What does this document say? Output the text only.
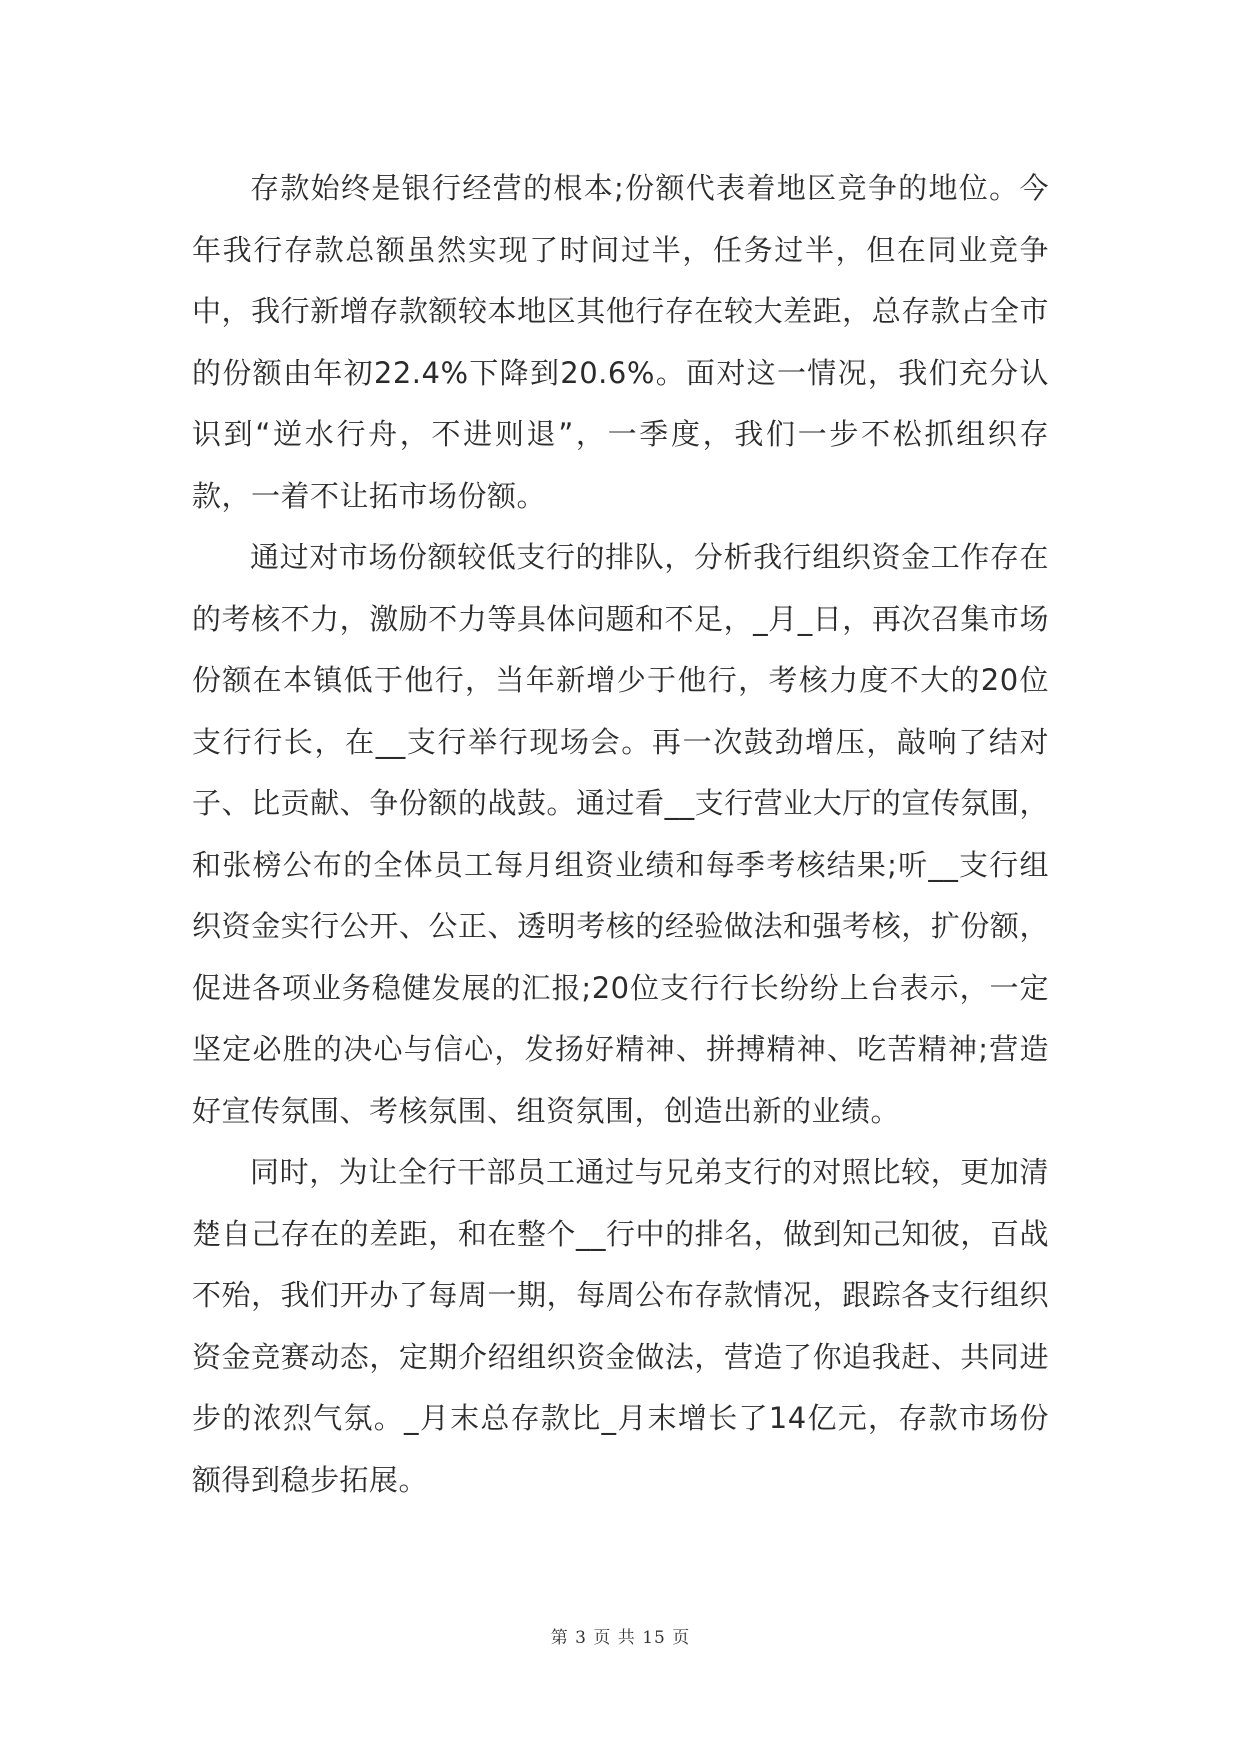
存款始终是银行经营的根本;份额代表着地区竞争的地位。今年我行存款总额虽然实现了时间过半，任务过半，但在同业竞争中，我行新增存款额较本地区其他行存在较大差距，总存款占全市的份额由年初22.4%下降到20.6%。面对这一情况，我们充分认识到“逆水行舟，不进则退”，一季度，我们一步不松抓组织存款，一着不让拓市场份额。

通过对市场份额较低支行的排队，分析我行组织资金工作存在的考核不力，激励不力等具体问题和不足，_月_日，再次召集市场份额在本镇低于他行，当年新增少于他行，考核力度不大的20位支行行长，在__支行举行现场会。再一次鼓劲增压，敲响了结对子、比贡献、争份额的战鼓。通过看__支行营业大厅的宣传氛围，和张榜公布的全体员工每月组资业绩和每季考核结果;听__支行组织资金实行公开、公正、透明考核的经验做法和强考核，扩份额，促进各项业务稳健发展的汇报;20位支行行长纷纷上台表示，一定坚定必胜的决心与信心，发扬好精神、拼搏精神、吃苦精神;营造好宣传氛围、考核氛围、组资氛围，创造出新的业绩。

同时，为让全行干部员工通过与兄弟支行的对照比较，更加清楚自己存在的差距，和在整个__行中的排名，做到知己知彼，百战不殆，我们开办了每周一期，每周公布存款情况，跟踪各支行组织资金竞赛动态，定期介绍组织资金做法，营造了你追我赶、共同进步的浓烈气氛。_月末总存款比_月末增长了14亿元，存款市场份额得到稳步拓展。

第 3 页 共 15 页
